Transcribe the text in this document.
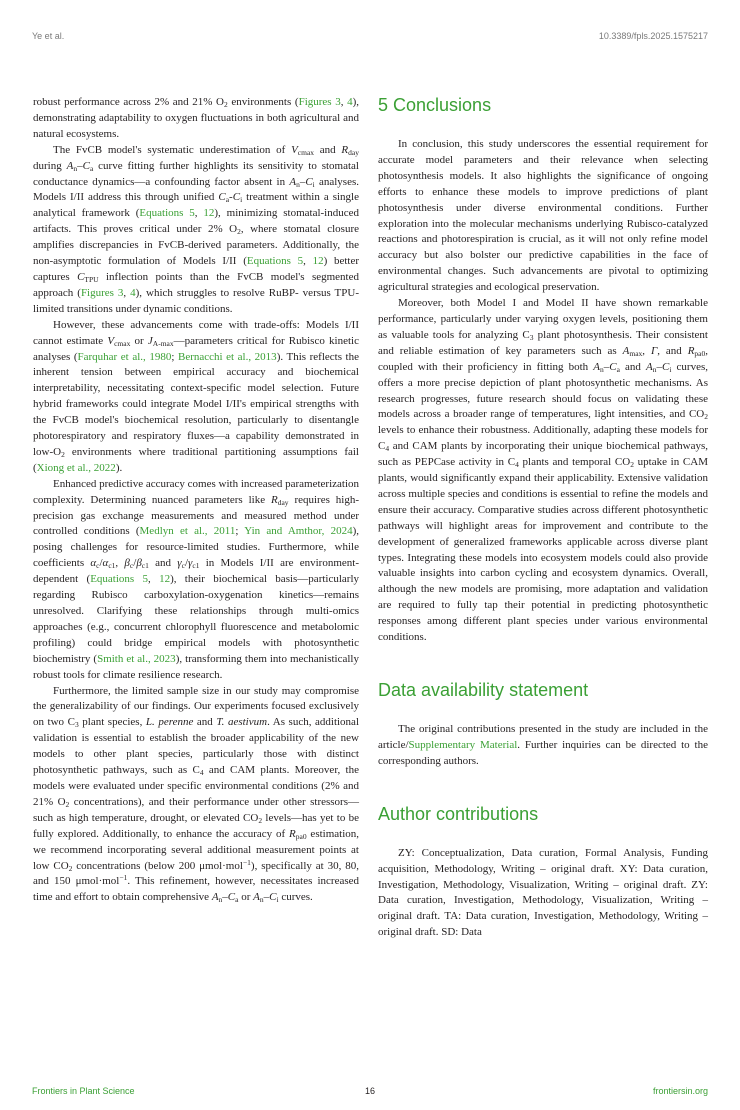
Ye et al.	10.3389/fpls.2025.1575217

robust performance across 2% and 21% $O_2$ environments (Figures 3, 4), demonstrating adaptability to oxygen fluctuations in both agricultural and natural ecosystems.

The FvCB model's systematic underestimation of $V_{cmax}$ and $R_{day}$ during $A_n-C_a$ curve fitting further highlights its sensitivity to stomatal conductance dynamics—a confounding factor absent in $A_n-C_i$ analyses. Models I/II address this through unified $C_a-C_i$ treatment within a single analytical framework (Equations 5, 12), minimizing stomatal-induced artifacts. This proves critical under 2% $O_2$, where stomatal closure amplifies discrepancies in FvCB-derived parameters. Additionally, the non-asymptotic formulation of Models I/II (Equations 5, 12) better captures $C_{TPU}$ inflection points than the FvCB model's segmented approach (Figures 3, 4), which struggles to resolve RuBP- versus TPU-limited transitions under dynamic conditions.

However, these advancements come with trade-offs: Models I/II cannot estimate $V_{cmax}$ or $J_{A-max}—parameters$ critical for Rubisco kinetic analyses (Farquhar et al., 1980; Bernacchi et al., 2013). This reflects the inherent tension between empirical accuracy and biochemical interpretability, necessitating context-specific model selection. Future hybrid frameworks could integrate Model I/II's empirical strengths with the FvCB model's biochemical resolution, particularly to disentangle photorespiratory and respiratory fluxes—a capability demonstrated in low-$O_2$ environments where traditional partitioning assumptions fail (Xiong et al., 2022).

Enhanced predictive accuracy comes with increased parameterization complexity. Determining nuanced parameters like $R_{day}$ requires high-precision gas exchange measurements and measured method under controlled conditions (Medlyn et al., 2011; Yin and Amthor, 2024), posing challenges for resource-limited studies. Furthermore, while coefficients $\alpha_c/\alpha_{c1}$, $\beta_c/\beta_{c1}$ and $\gamma_c/\gamma_{c1}$ in Models I/II are environment-dependent (Equations 5, 12), their biochemical basis—particularly regarding Rubisco carboxylation-oxygenation kinetics—remains unresolved. Clarifying these relationships through multi-omics approaches (e.g., concurrent chlorophyll fluorescence and metabolomic profiling) could bridge empirical models with photosynthetic biochemistry (Smith et al., 2023), transforming them into mechanistically robust tools for climate resilience research.

Furthermore, the limited sample size in our study may compromise the generalizability of our findings. Our experiments focused exclusively on two $C_3$ plant species, L. perenne and T. aestivum. As such, additional validation is essential to establish the broader applicability of the new models to other plant species, particularly those with distinct photosynthetic pathways, such as $C_4$ and CAM plants. Moreover, the models were evaluated under specific environmental conditions (2% and 21% $O_2$ concentrations), and their performance under other stressors—such as high temperature, drought, or elevated $CO_2$ levels—has yet to be fully explored. Additionally, to enhance the accuracy of $R_{pa0}$ estimation, we recommend incorporating several additional measurement points at low $CO_2$ concentrations (below 200 μmol·mol$^{-1}$), specifically at 30, 80, and 150 μmol·mol$^{-1}$. This refinement, however, necessitates increased time and effort to obtain comprehensive $A_n-C_a$ or $A_n-C_i$ curves.

5 Conclusions

In conclusion, this study underscores the essential requirement for accurate model parameters and their relevance when selecting photosynthesis models. It also highlights the significance of ongoing efforts to enhance these models to improve predictions of plant photosynthesis under diverse environmental conditions. Further exploration into the molecular mechanisms underlying Rubisco-catalyzed reactions and photorespiration is crucial, as it will not only refine model accuracy but also bolster our predictive capabilities in the face of environmental changes. Such advancements are pivotal to optimizing agricultural strategies and ecological preservation.

Moreover, both Model I and Model II have shown remarkable performance, particularly under varying oxygen levels, positioning them as valuable tools for analyzing $C_3$ plant photosynthesis. Their consistent and reliable estimation of key parameters such as $A_{max}$, Γ, and $R_{pa0}$, coupled with their proficiency in fitting both $A_n-C_a$ and $A_n-C_i$ curves, offers a more precise depiction of plant photosynthetic mechanisms. As research progresses, future research should focus on validating these models across a broader range of temperatures, light intensities, and $CO_2$ levels to enhance their robustness. Additionally, adapting these models for $C_4$ and CAM plants by incorporating their unique biochemical pathways, such as PEPCase activity in $C_4$ plants and temporal $CO_2$ uptake in CAM plants, would significantly expand their applicability. Extensive validation across multiple species and conditions is essential to refine the models and ensure their accuracy. Comparative studies across different photosynthetic pathways will highlight areas for improvement and contribute to the development of generalized frameworks applicable across diverse plant types. Integrating these models into ecosystem models could also provide valuable insights into carbon cycling and ecosystem dynamics. Overall, although the new models are promising, more adaptation and validation are required to fully tap their potential in predicting photosynthetic responses among different plant species under various environmental conditions.

Data availability statement

The original contributions presented in the study are included in the article/Supplementary Material. Further inquiries can be directed to the corresponding authors.

Author contributions

ZY: Conceptualization, Data curation, Formal Analysis, Funding acquisition, Methodology, Writing – original draft. XY: Data curation, Investigation, Methodology, Visualization, Writing – original draft. ZY: Data curation, Investigation, Methodology, Visualization, Writing – original draft. TA: Data curation, Investigation, Methodology, Writing – original draft. SD: Data

Frontiers in Plant Science	16	frontiersin.org
